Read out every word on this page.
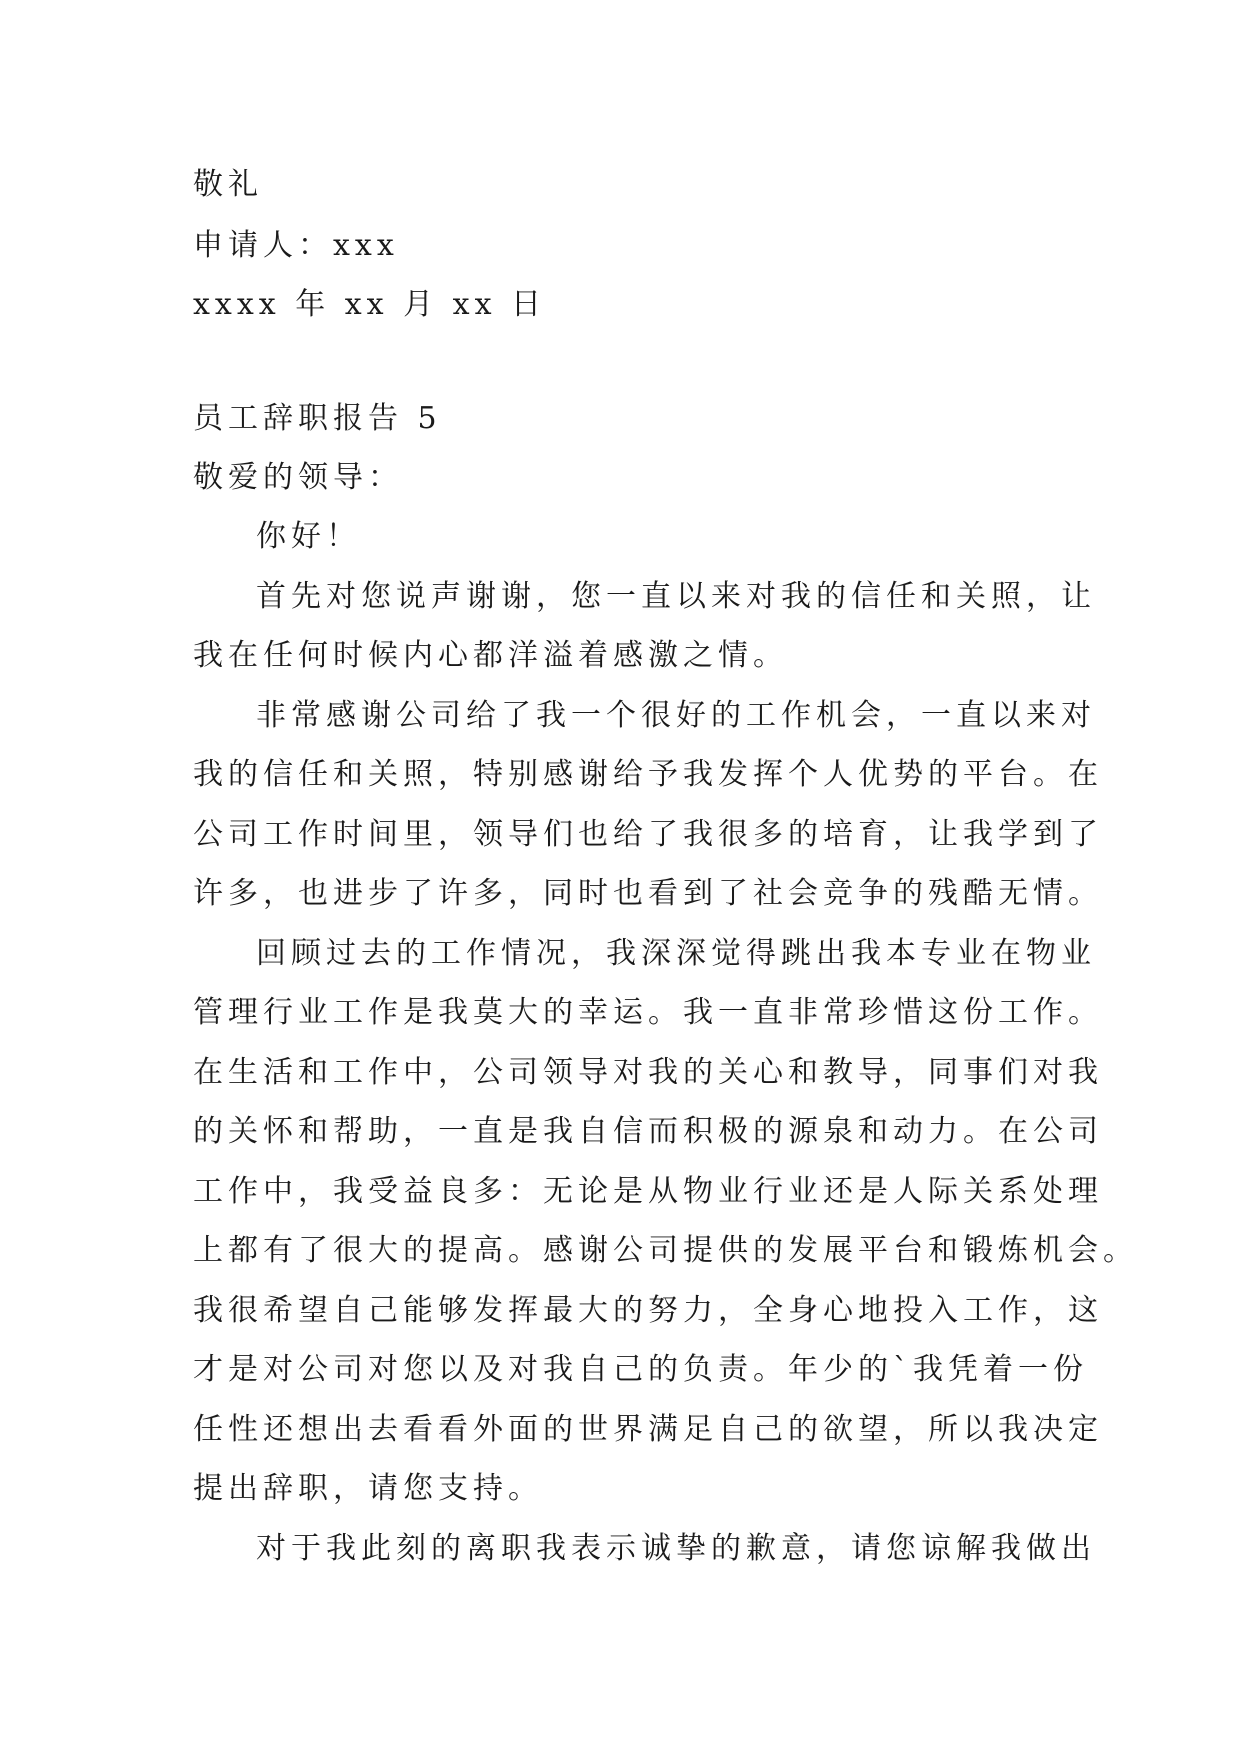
敬礼
申请人：xxx
xxxx 年 xx 月 xx 日
员工辞职报告 5
敬爱的领导：
你好！
首先对您说声谢谢，您一直以来对我的信任和关照，让
我在任何时候内心都洋溢着感激之情。
非常感谢公司给了我一个很好的工作机会，一直以来对
我的信任和关照，特别感谢给予我发挥个人优势的平台。在
公司工作时间里，领导们也给了我很多的培育，让我学到了
许多，也进步了许多，同时也看到了社会竞争的残酷无情。
回顾过去的工作情况，我深深觉得跳出我本专业在物业
管理行业工作是我莫大的幸运。我一直非常珍惜这份工作。
在生活和工作中，公司领导对我的关心和教导，同事们对我
的关怀和帮助，一直是我自信而积极的源泉和动力。在公司
工作中，我受益良多：无论是从物业行业还是人际关系处理
上都有了很大的提高。感谢公司提供的发展平台和锻炼机会。
我很希望自己能够发挥最大的努力，全身心地投入工作，这
才是对公司对您以及对我自己的负责。年少的`我凭着一份
任性还想出去看看外面的世界满足自己的欲望，所以我决定
提出辞职，请您支持。
对于我此刻的离职我表示诚挚的歉意，请您谅解我做出
